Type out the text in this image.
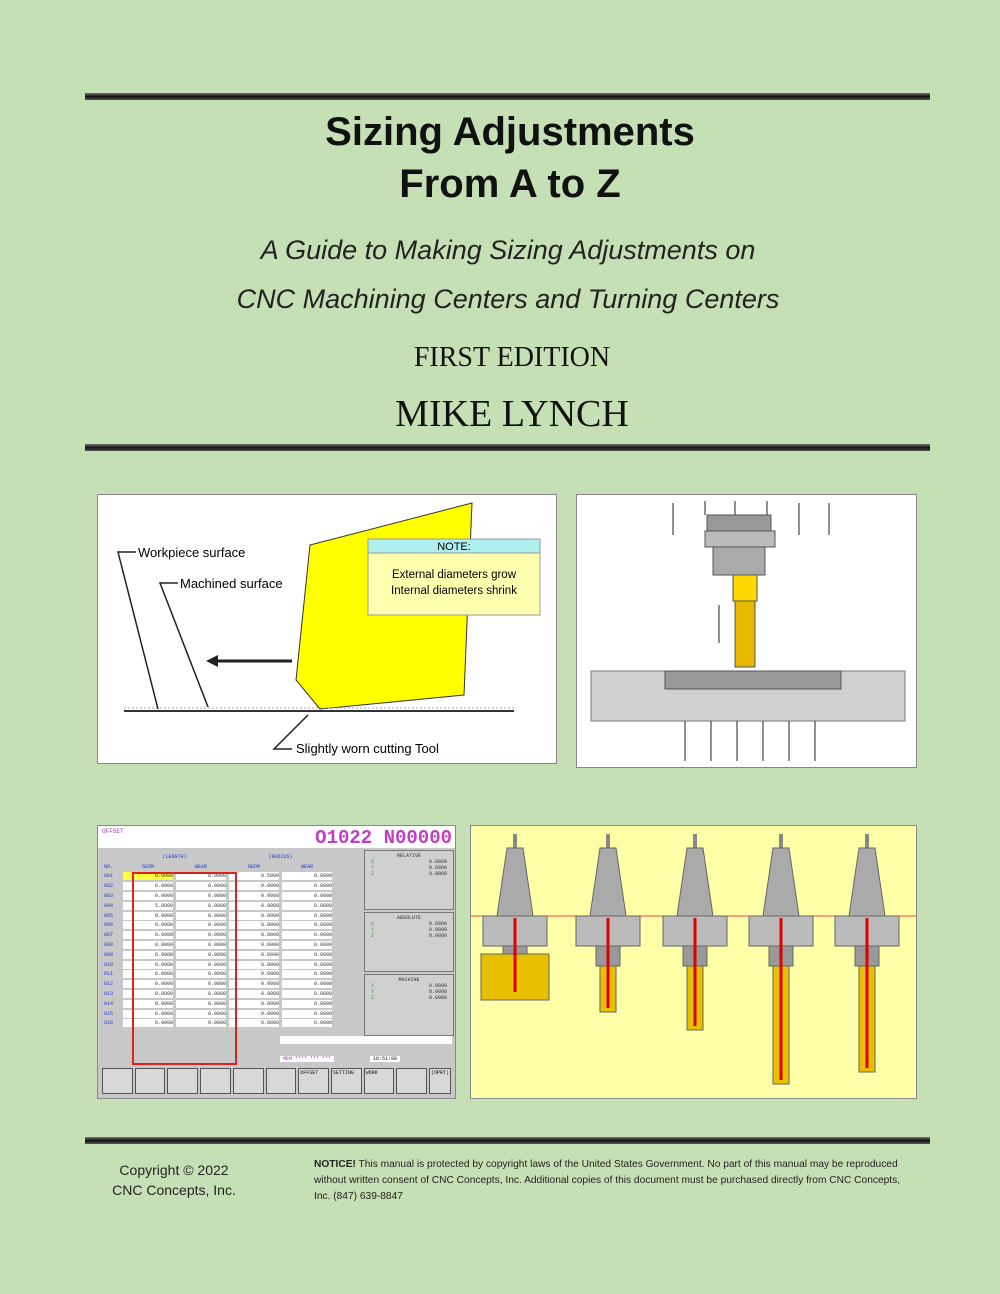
Sizing Adjustments
From A to Z
A Guide to Making Sizing Adjustments on
CNC Machining Centers and Turning Centers
FIRST EDITION
MIKE LYNCH
Workpiece surface
Machined surface
NOTE:
External diameters grow
Internal diameters shrink
Slightly worn cutting Tool
OFFSET	O1022 N00000
(LENGTH)	(RADIUS)
NO.	GEOM	WEAR	GEOM	WEAR
001	0.0000	0.0000	0.5000	0.0000
002	0.0000	0.0000	0.0000	0.0000
003	0.0000	0.0000	0.0000	0.0000
004	5.0000	0.0000	0.0000	0.0000
005	0.0000	0.0000	0.0000	0.0000
006	0.0000	0.0000	0.0000	0.0000
007	0.0000	0.0000	0.0000	0.0000
008	0.0000	0.0000	0.0000	0.0000
009	0.0000	0.0000	0.0000	0.0000
010	0.0000	0.0000	0.0000	0.0000
011	0.0000	0.0000	0.0000	0.0000
012	0.0000	0.0000	0.0000	0.0000
013	0.0000	0.0000	0.0000	0.0000
014	0.0000	0.0000	0.0000	0.0000
015	0.0000	0.0000	0.0000	0.0000
016	0.0000	0.0000	0.0000	0.0000
RELATIVE
X	0.0000
Y	0.0000
Z	0.0000
ABSOLUTE
X	0.0000
Y	0.0000
Z	0.0000
MACHINE
X	0.0000
Y	0.0000
Z	0.0000
MEM **** *** ***	16:51:00
OFFSET	SETTING	WORK	(OPRT)
Copyright © 2022
CNC Concepts, Inc.
NOTICE! This manual is protected by copyright laws of the United States Government. No part of this manual may be reproduced without written consent of CNC Concepts, Inc. Additional copies of this document must be purchased directly from CNC Concepts, Inc. (847) 639-8847
